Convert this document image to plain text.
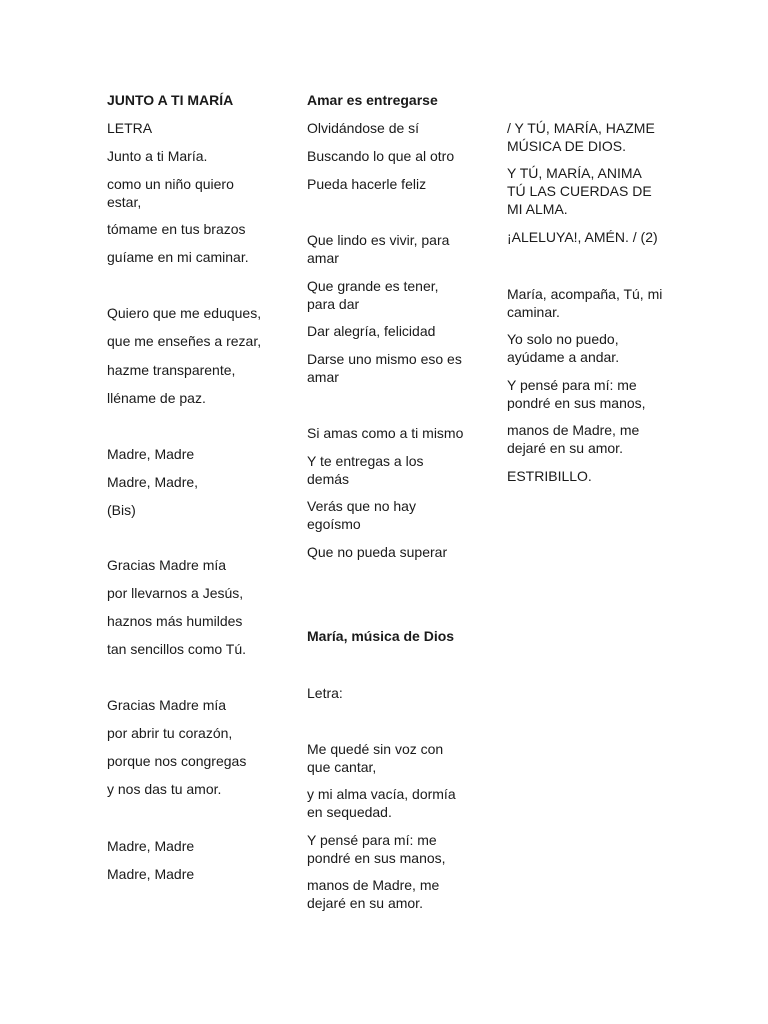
JUNTO A TI MARÍA
LETRA
Junto a ti María.
como un niño quiero estar,
tómame en tus brazos
guíame en mi caminar.
Quiero que me eduques,
que me enseñes a rezar,
hazme transparente,
lléname de paz.
Madre, Madre
Madre, Madre,
(Bis)
Gracias Madre mía
por llevarnos a Jesús,
haznos más humildes
tan sencillos como Tú.
Gracias Madre mía
por abrir tu corazón,
porque nos congregas
y nos das tu amor.
Madre, Madre
Madre, Madre
Amar es entregarse
Olvidándose de sí
Buscando lo que al otro
Pueda hacerle feliz
Que lindo es vivir, para amar
Que grande es tener, para dar
Dar alegría, felicidad
Darse uno mismo eso es amar
Si amas como a ti mismo
Y te entregas a los demás
Verás que no hay egoísmo
Que no pueda superar
María, música de Dios
Letra:
Me quedé sin voz con que cantar,
y mi alma vacía, dormía en sequedad.
Y pensé para mí: me pondré en sus manos,
manos de Madre, me dejaré en su amor.
/ Y TÚ, MARÍA, HAZME MÚSICA DE DIOS.
Y TÚ, MARÍA, ANIMA TÚ LAS CUERDAS DE MI ALMA.
¡ALELUYA!, AMÉN. / (2)
María, acompaña, Tú, mi caminar.
Yo solo no puedo, ayúdame a andar.
Y pensé para mí: me pondré en sus manos,
manos de Madre, me dejaré en su amor.
ESTRIBILLO.
